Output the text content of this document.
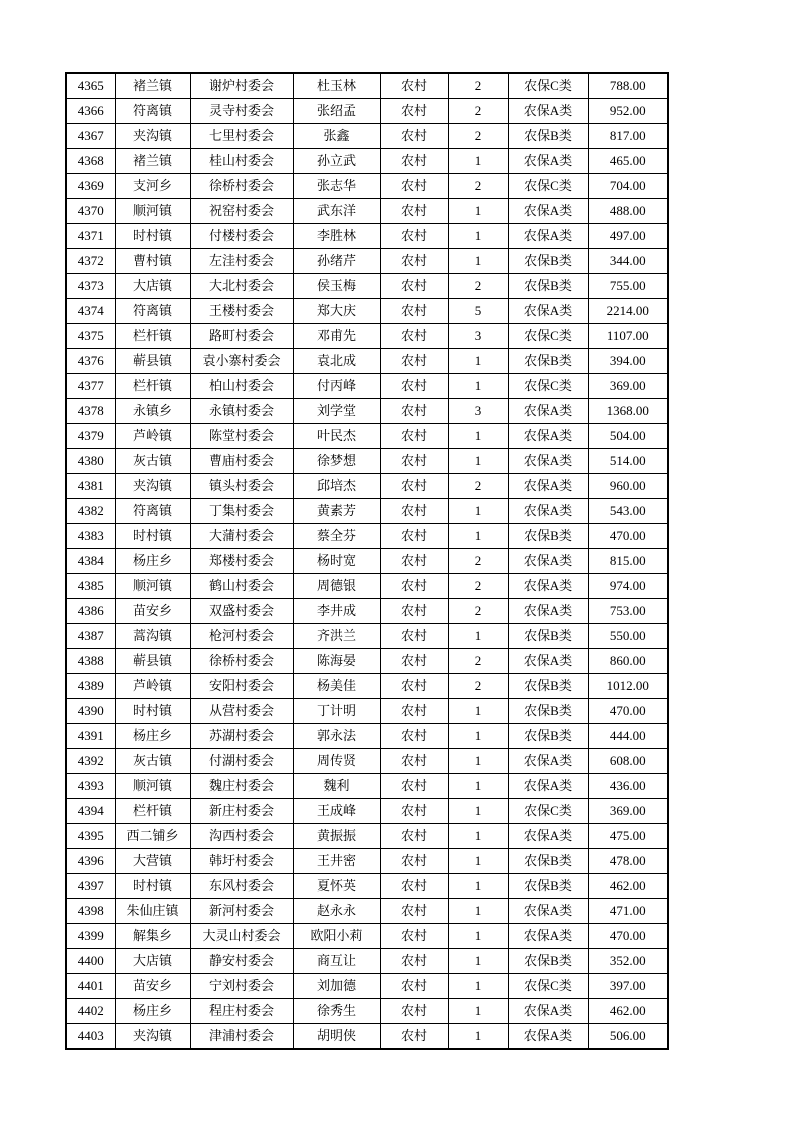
4365	褚兰镇	谢炉村委会	杜玉林	农村	2	农保C类	788.00
4366	符离镇	灵寺村委会	张绍孟	农村	2	农保A类	952.00
4367	夹沟镇	七里村委会	张鑫	农村	2	农保B类	817.00
4368	褚兰镇	桂山村委会	孙立武	农村	1	农保A类	465.00
4369	支河乡	徐桥村委会	张志华	农村	2	农保C类	704.00
4370	顺河镇	祝窑村委会	武东洋	农村	1	农保A类	488.00
4371	时村镇	付楼村委会	李胜林	农村	1	农保A类	497.00
4372	曹村镇	左洼村委会	孙绪芹	农村	1	农保B类	344.00
4373	大店镇	大北村委会	侯玉梅	农村	2	农保B类	755.00
4374	符离镇	王楼村委会	郑大庆	农村	5	农保A类	2214.00
4375	栏杆镇	路町村委会	邓甫先	农村	3	农保C类	1107.00
4376	蕲县镇	袁小寨村委会	袁北成	农村	1	农保B类	394.00
4377	栏杆镇	柏山村委会	付丙峰	农村	1	农保C类	369.00
4378	永镇乡	永镇村委会	刘学堂	农村	3	农保A类	1368.00
4379	芦岭镇	陈堂村委会	叶民杰	农村	1	农保A类	504.00
4380	灰古镇	曹庙村委会	徐梦想	农村	1	农保A类	514.00
4381	夹沟镇	镇头村委会	邱培杰	农村	2	农保A类	960.00
4382	符离镇	丁集村委会	黄素芳	农村	1	农保A类	543.00
4383	时村镇	大蒲村委会	蔡全芬	农村	1	农保B类	470.00
4384	杨庄乡	郑楼村委会	杨时宽	农村	2	农保A类	815.00
4385	顺河镇	鹤山村委会	周德银	农村	2	农保A类	974.00
4386	苗安乡	双盛村委会	李井成	农村	2	农保A类	753.00
4387	蒿沟镇	枪河村委会	齐洪兰	农村	1	农保B类	550.00
4388	蕲县镇	徐桥村委会	陈海晏	农村	2	农保A类	860.00
4389	芦岭镇	安阳村委会	杨美佳	农村	2	农保B类	1012.00
4390	时村镇	从营村委会	丁计明	农村	1	农保B类	470.00
4391	杨庄乡	苏湖村委会	郭永法	农村	1	农保B类	444.00
4392	灰古镇	付湖村委会	周传贤	农村	1	农保A类	608.00
4393	顺河镇	魏庄村委会	魏利	农村	1	农保A类	436.00
4394	栏杆镇	新庄村委会	王成峰	农村	1	农保C类	369.00
4395	西二铺乡	沟西村委会	黄振振	农村	1	农保A类	475.00
4396	大营镇	韩圩村委会	王井密	农村	1	农保B类	478.00
4397	时村镇	东风村委会	夏怀英	农村	1	农保B类	462.00
4398	朱仙庄镇	新河村委会	赵永永	农村	1	农保A类	471.00
4399	解集乡	大灵山村委会	欧阳小莉	农村	1	农保A类	470.00
4400	大店镇	静安村委会	商互让	农村	1	农保B类	352.00
4401	苗安乡	宁刘村委会	刘加德	农村	1	农保C类	397.00
4402	杨庄乡	程庄村委会	徐秀生	农村	1	农保A类	462.00
4403	夹沟镇	津浦村委会	胡明侠	农村	1	农保A类	506.00
